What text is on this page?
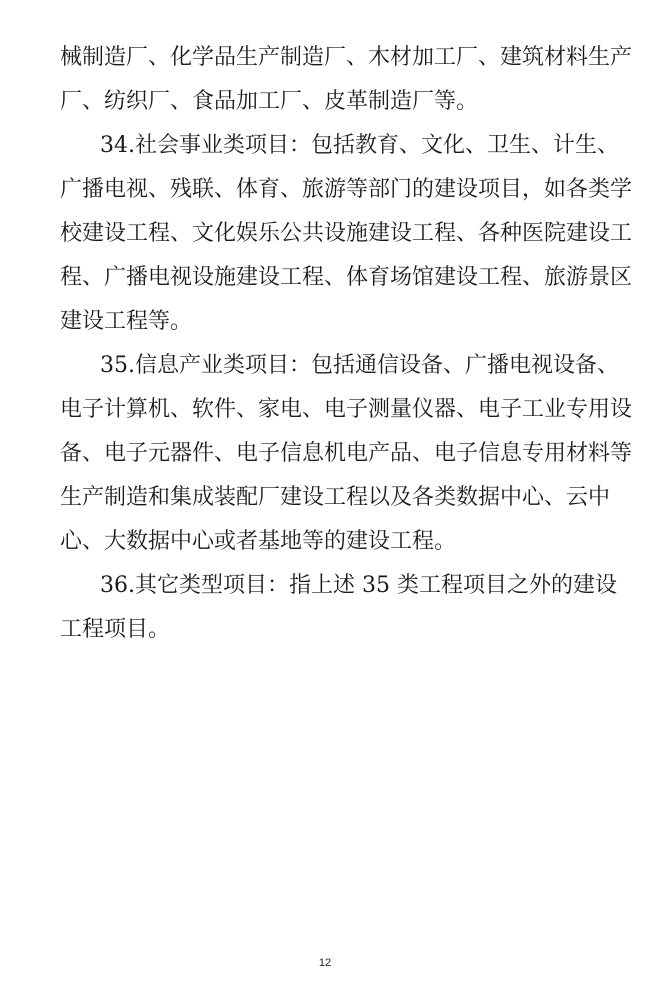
械制造厂、化学品生产制造厂、木材加工厂、建筑材料生产
厂、纺织厂、食品加工厂、皮革制造厂等。
34.社会事业类项目：包括教育、文化、卫生、计生、
广播电视、残联、体育、旅游等部门的建设项目，如各类学
校建设工程、文化娱乐公共设施建设工程、各种医院建设工
程、广播电视设施建设工程、体育场馆建设工程、旅游景区
建设工程等。
35.信息产业类项目：包括通信设备、广播电视设备、
电子计算机、软件、家电、电子测量仪器、电子工业专用设
备、电子元器件、电子信息机电产品、电子信息专用材料等
生产制造和集成装配厂建设工程以及各类数据中心、云中
心、大数据中心或者基地等的建设工程。
36.其它类型项目：指上述 35 类工程项目之外的建设
工程项目。
12
